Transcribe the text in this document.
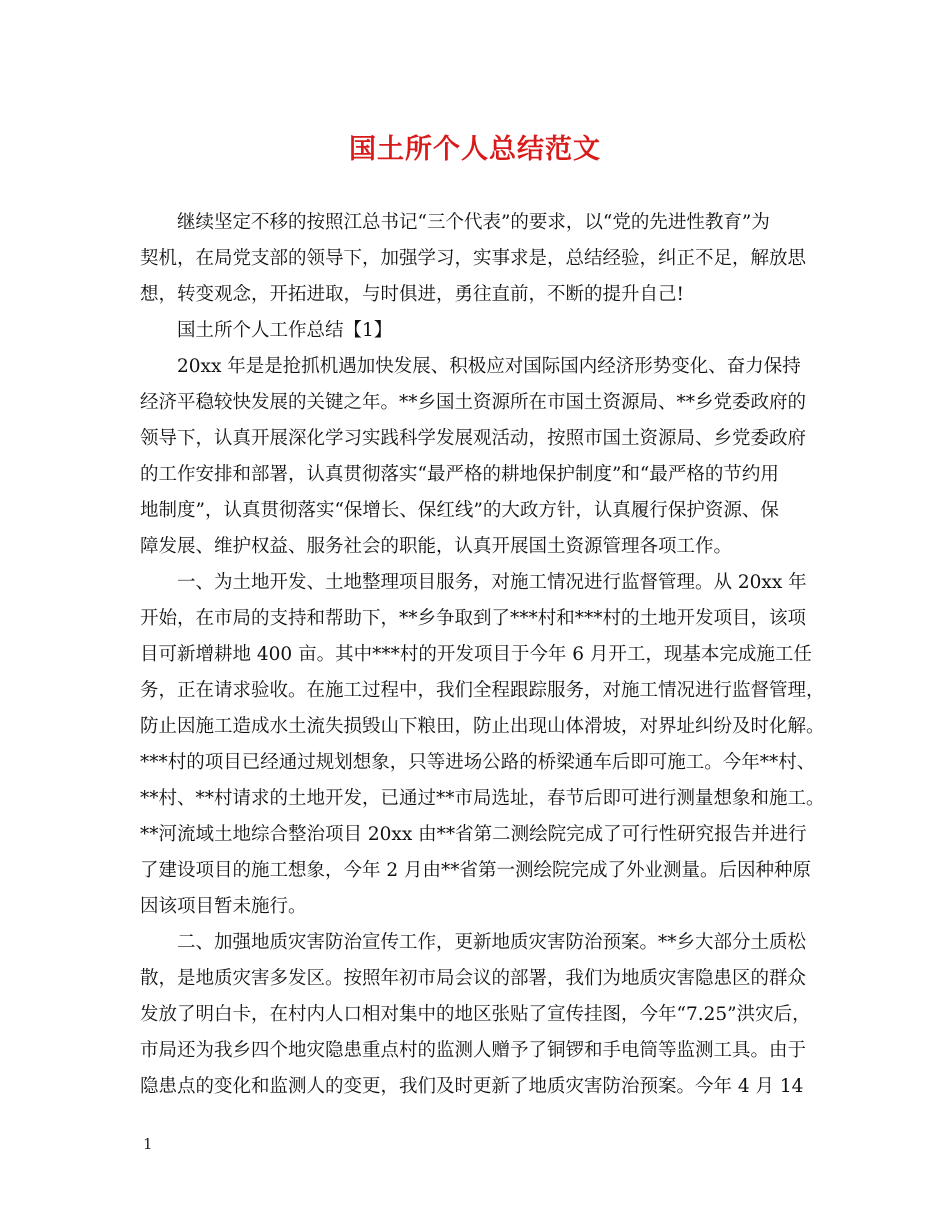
国土所个人总结范文
继续坚定不移的按照江总书记“三个代表”的要求，以“党的先进性教育”为
契机，在局党支部的领导下，加强学习，实事求是，总结经验，纠正不足，解放思
想，转变观念，开拓进取，与时俱进，勇往直前，不断的提升自己!
国土所个人工作总结【1】
20xx 年是是抢抓机遇加快发展、积极应对国际国内经济形势变化、奋力保持
经济平稳较快发展的关键之年。**乡国土资源所在市国土资源局、**乡党委政府的
领导下，认真开展深化学习实践科学发展观活动，按照市国土资源局、乡党委政府
的工作安排和部署，认真贯彻落实“最严格的耕地保护制度”和“最严格的节约用
地制度”，认真贯彻落实“保增长、保红线”的大政方针，认真履行保护资源、保
障发展、维护权益、服务社会的职能，认真开展国土资源管理各项工作。
一、为土地开发、土地整理项目服务，对施工情况进行监督管理。从 20xx 年
开始，在市局的支持和帮助下，**乡争取到了***村和***村的土地开发项目，该项
目可新增耕地 400 亩。其中***村的开发项目于今年 6 月开工，现基本完成施工任
务，正在请求验收。在施工过程中，我们全程跟踪服务，对施工情况进行监督管理，
防止因施工造成水土流失损毁山下粮田，防止出现山体滑坡，对界址纠纷及时化解。
***村的项目已经通过规划想象，只等进场公路的桥梁通车后即可施工。今年**村、
**村、**村请求的土地开发，已通过**市局选址，春节后即可进行测量想象和施工。
**河流域土地综合整治项目 20xx 由**省第二测绘院完成了可行性研究报告并进行
了建设项目的施工想象，今年 2 月由**省第一测绘院完成了外业测量。后因种种原
因该项目暂未施行。
二、加强地质灾害防治宣传工作，更新地质灾害防治预案。**乡大部分土质松
散，是地质灾害多发区。按照年初市局会议的部署，我们为地质灾害隐患区的群众
发放了明白卡，在村内人口相对集中的地区张贴了宣传挂图，今年“7.25”洪灾后，
市局还为我乡四个地灾隐患重点村的监测人赠予了铜锣和手电筒等监测工具。由于
隐患点的变化和监测人的变更，我们及时更新了地质灾害防治预案。今年 4 月 14
1
